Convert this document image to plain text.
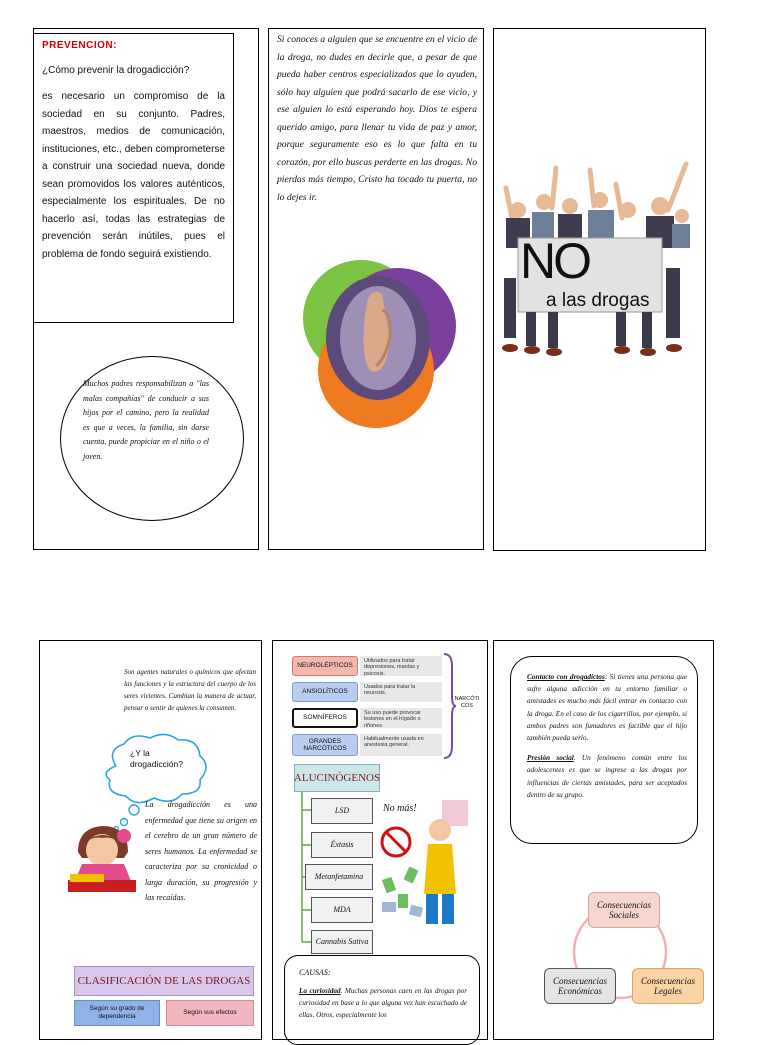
PREVENCION:
¿Cómo prevenir la drogadicción?
es necesario un compromiso de la sociedad en su conjunto. Padres, maestros, medios de comunicación, instituciones, etc., deben comprometerse a construir una sociedad nueva, donde sean promovidos los valores auténticos, especialmente los espirituales. De no hacerlo así, todas las estrategias de prevención serán inútiles, pues el problema de fondo seguirá existiendo.
Muchos padres responsabilizan a "las malas compañías" de conducir a sus hijos por el camino, pero la realidad es que a veces, la familia, sin darse cuenta, puede propiciar en el niño o el joven.
Si conoces a alguien que se encuentre en el vicio de la droga, no dudes en decirle que, a pesar de que pueda haber centros especializados que lo ayuden, sólo hay alguien que podrá sacarlo de ese vicio, y ese alguien lo está esperando hoy. Dios te espera querido amigo, para llenar tu vida de paz y amor, porque seguramente eso es lo que falta en tu corazón, por ello buscas perderte en las drogas. No pierdas más tiempo, Cristo ha tocado tu puerta, no lo dejes ir.
NO
a las drogas
Son agentes naturales o químicos que afectan las funciones y la estructura del cuerpo de los seres vivientes. Cambian la manera de actuar, pensar o sentir de quienes la consumen.
¿Y la drogadicción?
La drogadicción es una enfermedad que tiene su origen en el cerebro de un gran número de seres humanos. La enfermedad se caracteriza por su cronicidad o larga duración, su progresión y las recaídas.
CLASIFICACIÓN DE LAS DROGAS
Según su grado de dependencia
Según sus efectos
NEUROLÉPTICOS
Utilizados para tratar depresiones, manías y psicosis.
ANSIOLÍTICOS
Usados para tratar la neurosis.
SOMNÍFEROS
Su uso puede provocar lesiones en el hígado o riñones
GRANDES NARCÓTICOS
Habitualmente usada en anestesia general.
NARCÓTICOS
ALUCINÓGENOS
LSD
Éxtasis
Metanfetamina
MDA
Cannabis Sativa
No más!
CAUSAS:
La curiosidad. Muchas personas caen en las drogas por curiosidad en base a lo que alguna vez han escuchado de ellas. Otros, especialmente los
Contacto con drogadictos: Si tienes una persona que sufre alguna adicción en tu entorno familiar o amistades es mucho más fácil entrar en contacto con la droga. En el caso de los cigarrillos, por ejemplo, si ambos padres son fumadores es factible que el hijo también pueda serlo.
Presión social. Un fenómeno común entre los adolescentes es que se ingrese a las drogas por influencias de ciertas amistades, para ser aceptados dentro de su grupo.
Consecuencias Sociales
Consecuencias Económicas
Consecuencias Legales
